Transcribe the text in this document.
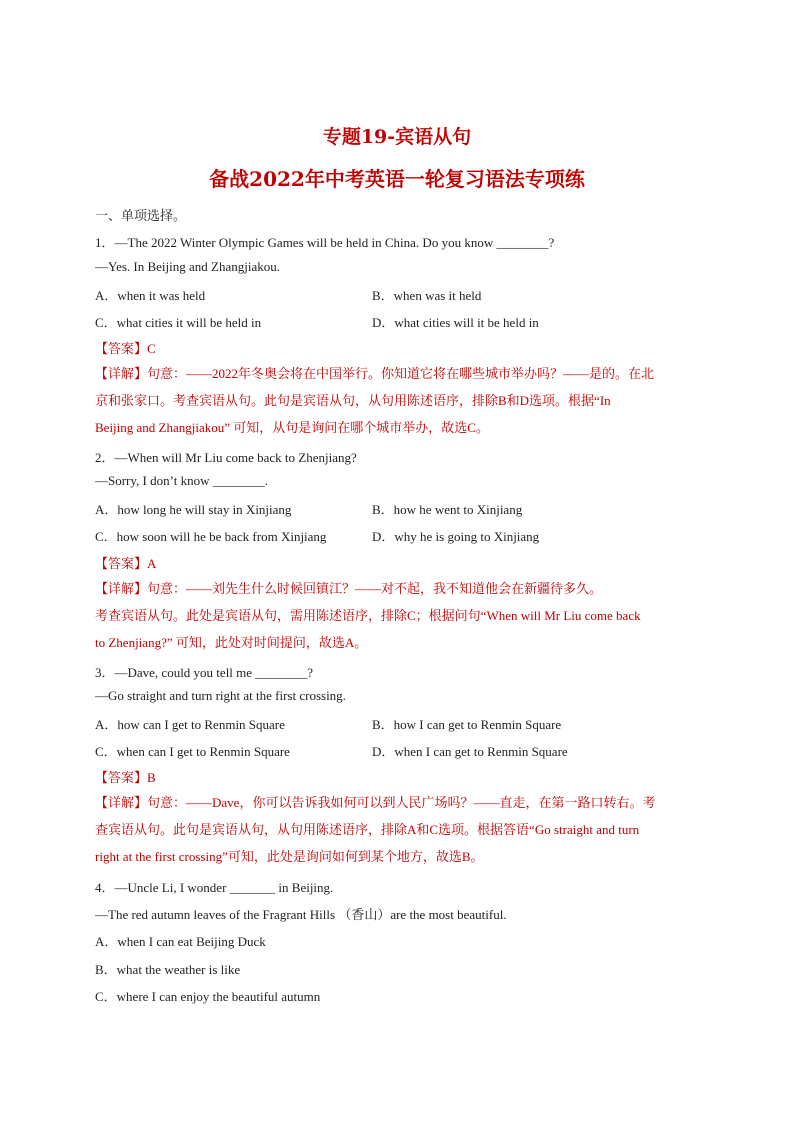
专题19-宾语从句
备战2022年中考英语一轮复习语法专项练
一、单项选择。
1．—The 2022 Winter Olympic Games will be held in China. Do you know ________?
—Yes. In Beijing and Zhangjiakou.
A．when it was held	B．when was it held
C．what cities it will be held in	D．what cities will it be held in
【答案】C
【详解】句意：——2022年冬奥会将在中国举行。你知道它将在哪些城市举办吗？——是的。在北
京和张家口。考查宾语从句。此句是宾语从句，从句用陈述语序，排除B和D选项。根据“In
Beijing and Zhangjiakou” 可知，从句是询问在哪个城市举办，故选C。
2．—When will Mr Liu come back to Zhenjiang?
—Sorry, I don’t know ________.
A．how long he will stay in Xinjiang	B．how he went to Xinjiang
C．how soon will he be back from Xinjiang	D．why he is going to Xinjiang
【答案】A
【详解】句意：——刘先生什么时候回镇江？——对不起，我不知道他会在新疆待多久。
考查宾语从句。此处是宾语从句，需用陈述语序，排除C；根据问句“When will Mr Liu come back
to Zhenjiang?” 可知，此处对时间提问，故选A。
3．—Dave, could you tell me ________?
—Go straight and turn right at the first crossing.
A．how can I get to Renmin Square	B．how I can get to Renmin Square
C．when can I get to Renmin Square	D．when I can get to Renmin Square
【答案】B
【详解】句意：——Dave，你可以告诉我如何可以到人民广场吗？——直走，在第一路口转右。考
查宾语从句。此句是宾语从句，从句用陈述语序，排除A和C选项。根据答语“Go straight and turn
right at the first crossing”可知，此处是询问如何到某个地方，故选B。
4．—Uncle Li, I wonder _______ in Beijing.
—The red autumn leaves of the Fragrant Hills （香山）are the most beautiful.
A．when I can eat Beijing Duck
B．what the weather is like
C．where I can enjoy the beautiful autumn
